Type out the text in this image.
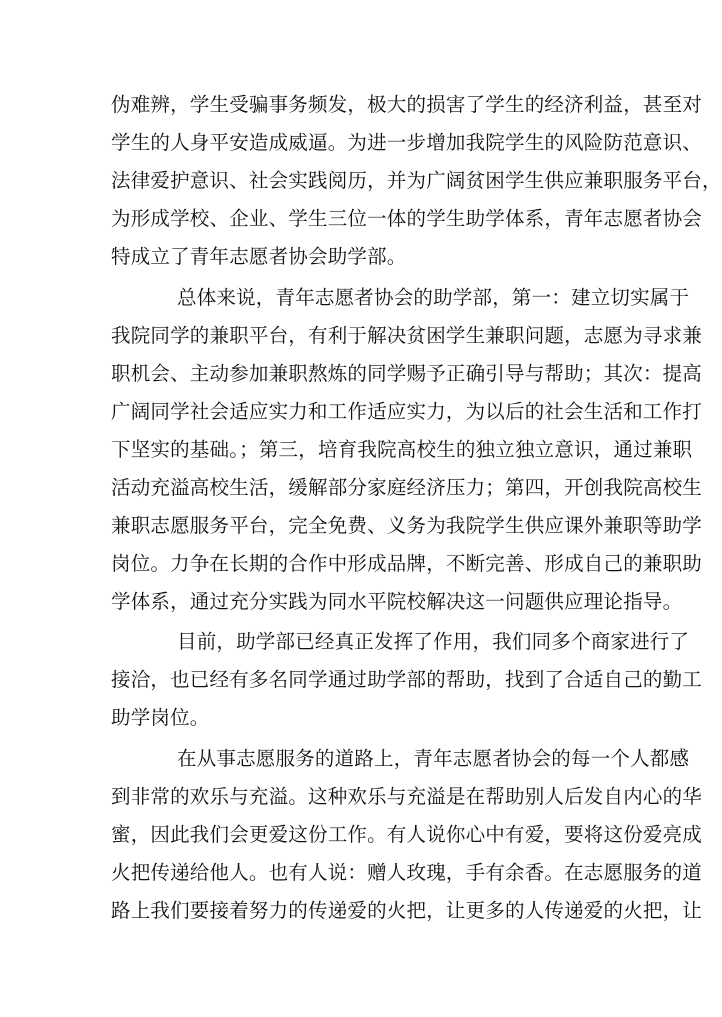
伪难辨，学生受骗事务频发，极大的损害了学生的经济利益，甚至对
学生的人身平安造成威逼。为进一步增加我院学生的风险防范意识、
法律爱护意识、社会实践阅历，并为广阔贫困学生供应兼职服务平台，
为形成学校、企业、学生三位一体的学生助学体系，青年志愿者协会
特成立了青年志愿者协会助学部。
总体来说，青年志愿者协会的助学部，第一：建立切实属于
我院同学的兼职平台，有利于解决贫困学生兼职问题，志愿为寻求兼
职机会、主动参加兼职熬炼的同学赐予正确引导与帮助；其次：提高
广阔同学社会适应实力和工作适应实力，为以后的社会生活和工作打
下坚实的基础。；第三，培育我院高校生的独立独立意识，通过兼职
活动充溢高校生活，缓解部分家庭经济压力；第四，开创我院高校生
兼职志愿服务平台，完全免费、义务为我院学生供应课外兼职等助学
岗位。力争在长期的合作中形成品牌，不断完善、形成自己的兼职助
学体系，通过充分实践为同水平院校解决这一问题供应理论指导。
目前，助学部已经真正发挥了作用，我们同多个商家进行了
接洽，也已经有多名同学通过助学部的帮助，找到了合适自己的勤工
助学岗位。
在从事志愿服务的道路上，青年志愿者协会的每一个人都感
到非常的欢乐与充溢。这种欢乐与充溢是在帮助别人后发自内心的华
蜜，因此我们会更爱这份工作。有人说你心中有爱，要将这份爱亮成
火把传递给他人。也有人说：赠人玫瑰，手有余香。在志愿服务的道
路上我们要接着努力的传递爱的火把，让更多的人传递爱的火把，让
